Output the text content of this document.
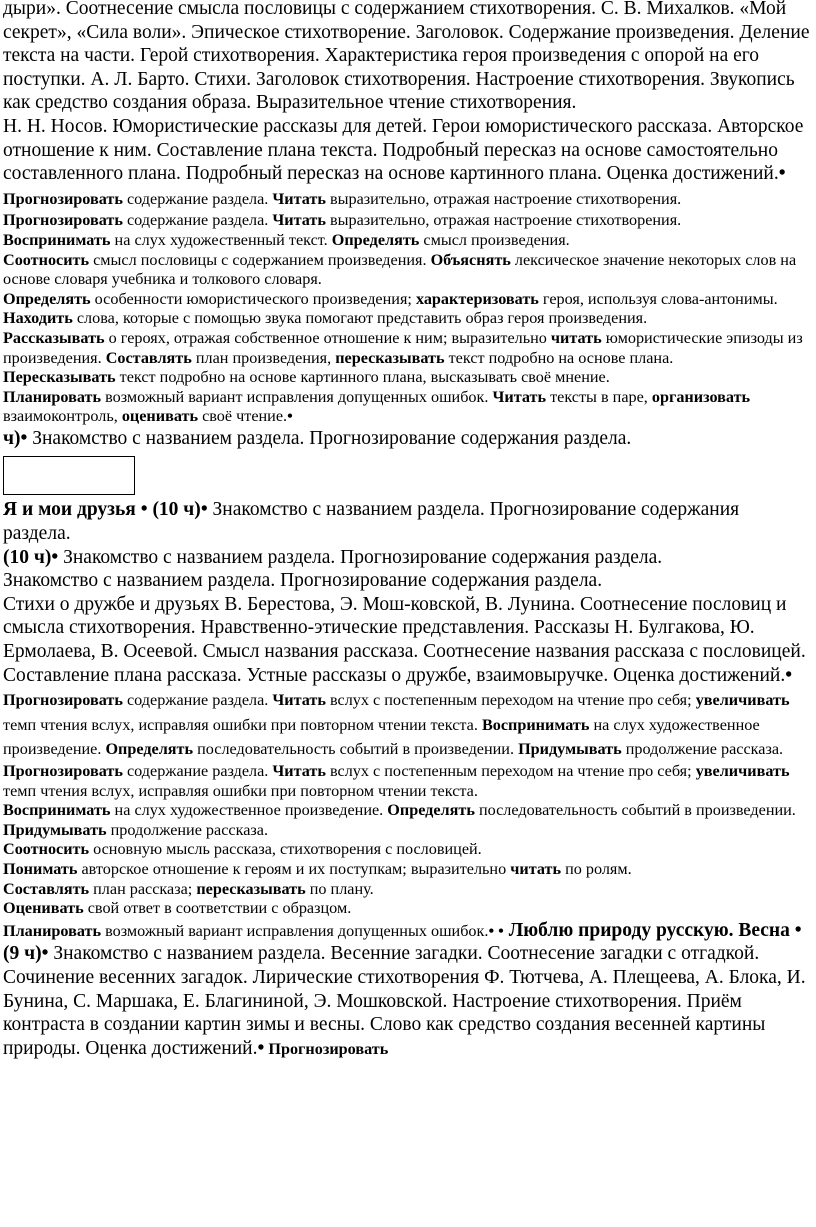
дыри». Соотнесение смысла пословицы с содержанием стихотворения. С. В. Михалков. «Мой секрет», «Сила воли». Эпическое стихотворение. Заголовок. Содержание произведения. Деление текста на части. Герой стихотворения. Характеристика героя произведения с опорой на его поступки. А. Л. Барто. Стихи. Заголовок стихотворения. Настроение стихотворения. Звукопись как средство создания образа. Выразительное чтение стихотворения.
Н. Н. Носов. Юмористические рассказы для детей. Герои юмористического рассказа. Авторское отношение к ним. Составление плана текста. Подробный пересказ на основе самостоятельно составленного плана. Подробный пересказ на основе картинного плана. Оценка достижений.• Прогнозировать содержание раздела. Читать выразительно, отражая настроение стихотворения.
Прогнозировать содержание раздела. Читать выразительно, отражая настроение стихотворения.
Воспринимать на слух художественный текст. Определять смысл произведения.
Соотносить смысл пословицы с содержанием произведения. Объяснять лексическое значение некоторых слов на основе словаря учебника и толкового словаря.
Определять особенности юмористического произведения; характеризовать героя, используя слова-антонимы.
Находить слова, которые с помощью звука помогают представить образ героя произведения.
Рассказывать о героях, отражая собственное отношение к ним; выразительно читать юмористические эпизоды из произведения. Составлять план произведения, пересказывать текст подробно на основе плана.
Пересказывать текст подробно на основе картинного плана, высказывать своё мнение.
Планировать возможный вариант исправления допущенных ошибок. Читать тексты в паре, организовать взаимоконтроль, оценивать своё чтение.•
ч)• Знакомство с названием раздела. Прогнозирование содержания раздела.
Я и мои друзья • (10 ч)• Знакомство с названием раздела. Прогнозирование содержания раздела.
(10 ч)• Знакомство с названием раздела. Прогнозирование содержания раздела.
Знакомство с названием раздела. Прогнозирование содержания раздела.
Стихи о дружбе и друзьях В. Берестова, Э. Мош-ковской, В. Лунина. Соотнесение пословиц и смысла стихотворения. Нравственно-этические представления. Рассказы Н. Булгакова, Ю. Ермолаева, В. Осеевой. Смысл названия рассказа. Соотнесение названия рассказа с пословицей. Составление плана рассказа. Устные рассказы о дружбе, взаимовыручке. Оценка достижений.• Прогнозировать содержание раздела. Читать вслух с постепенным переходом на чтение про себя; увеличивать темп чтения вслух, исправляя ошибки при повторном чтении текста. Воспринимать на слух художественное произведение. Определять последовательность событий в произведении. Придумывать продолжение рассказа.
Прогнозировать содержание раздела. Читать вслух с постепенным переходом на чтение про себя; увеличивать темп чтения вслух, исправляя ошибки при повторном чтении текста.
Воспринимать на слух художественное произведение. Определять последовательность событий в произведении. Придумывать продолжение рассказа.
Соотносить основную мысль рассказа, стихотворения с пословицей.
Понимать авторское отношение к героям и их поступкам; выразительно читать по ролям.
Составлять план рассказа; пересказывать по плану.
Оценивать свой ответ в соответствии с образцом.
Планировать возможный вариант исправления допущенных ошибок.• • Люблю природу русскую. Весна • (9 ч)• Знакомство с названием раздела. Весенние загадки. Соотнесение загадки с отгадкой. Сочинение весенних загадок. Лирические стихотворения Ф. Тютчева, А. Плещеева, А. Блока, И. Бунина, С. Маршака, Е. Благининой, Э. Мошковской. Настроение стихотворения. Приём контраста в создании картин зимы и весны. Слово как средство создания весенней картины природы. Оценка достижений.• Прогнозировать
